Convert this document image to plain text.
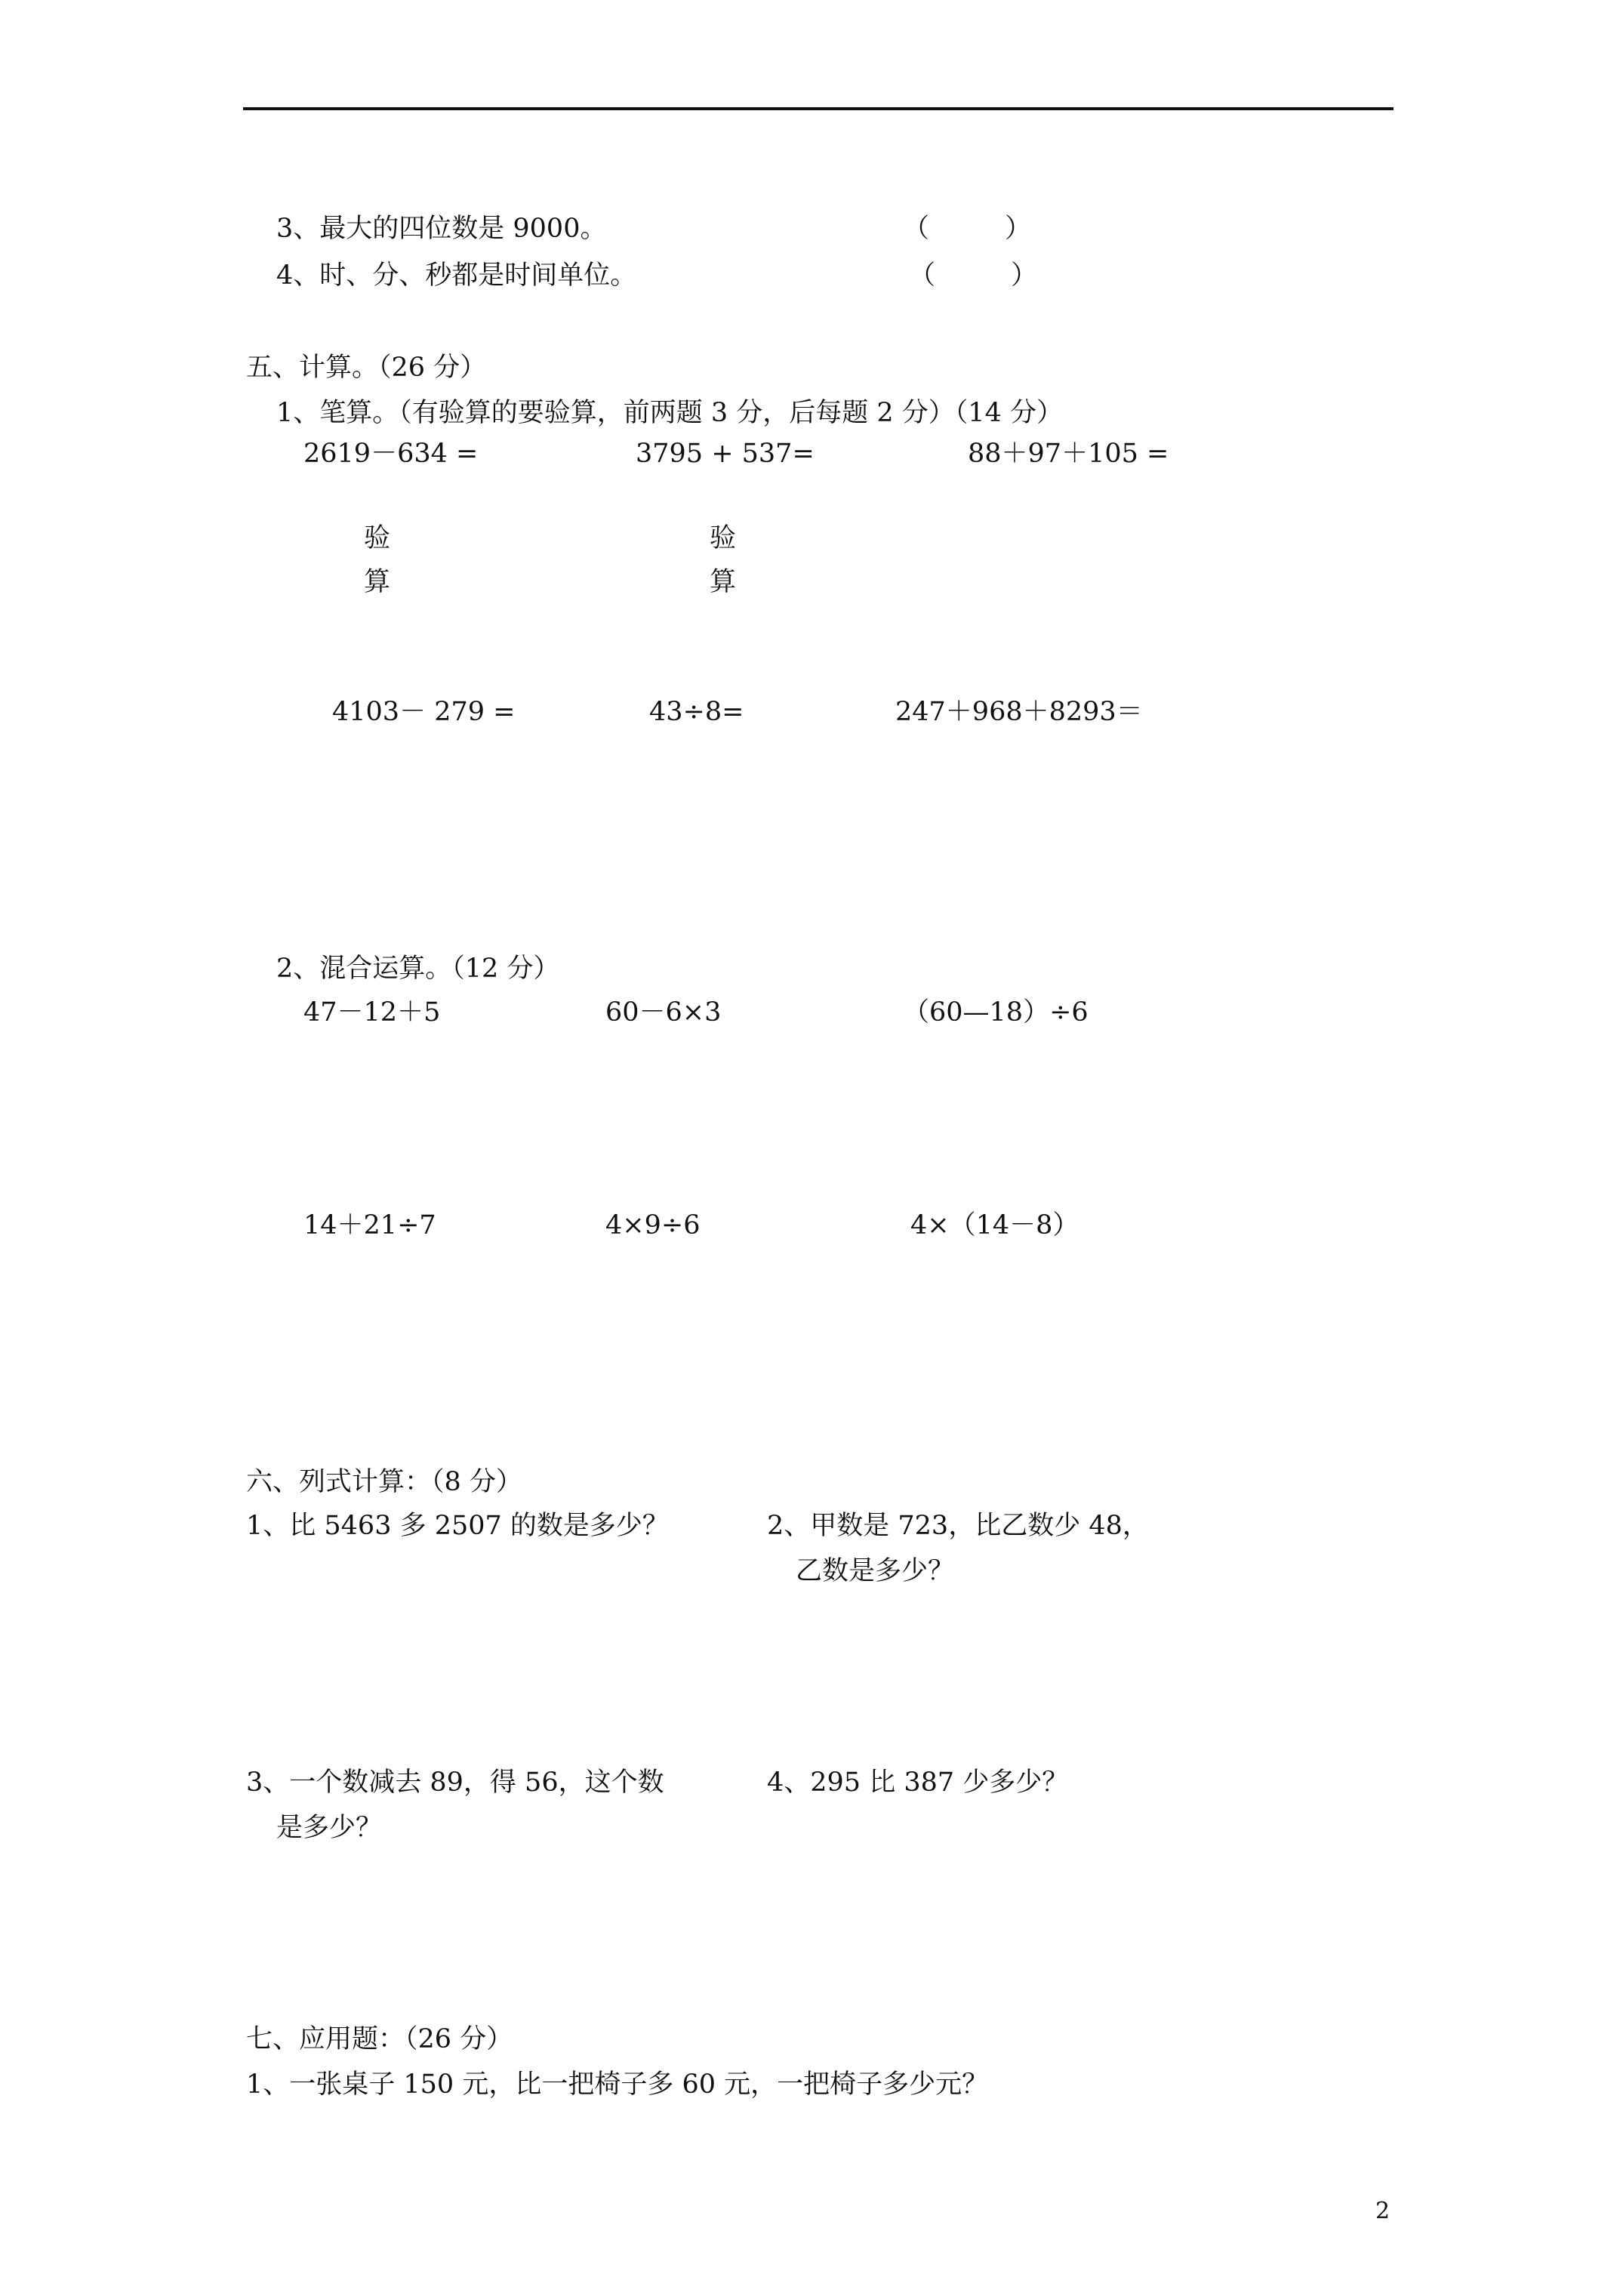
3、最大的四位数是 9000。	（         ）
4、时、分、秒都是时间单位。	（         ）
五、计算。（26 分）
1、笔算。（有验算的要验算，前两题 3 分，后每题 2 分）（14 分）
2619－634 =	3795 + 537=	88＋97＋105 =
验
算
验
算
4103－ 279 =	43÷8=	247＋968＋8293＝
2、混合运算。（12 分）
47－12＋5	60－6×3	（60—18）÷6
14＋21÷7	4×9÷6	4×（14－8）
六、列式计算：（8 分）
1、比 5463 多 2507 的数是多少？	2、甲数是 723，比乙数少 48，
乙数是多少？
3、一个数减去 89，得 56，这个数
是多少？
4、295 比 387 少多少？
七、应用题：（26 分）
1、一张桌子 150 元，比一把椅子多 60 元，一把椅子多少元？
2
